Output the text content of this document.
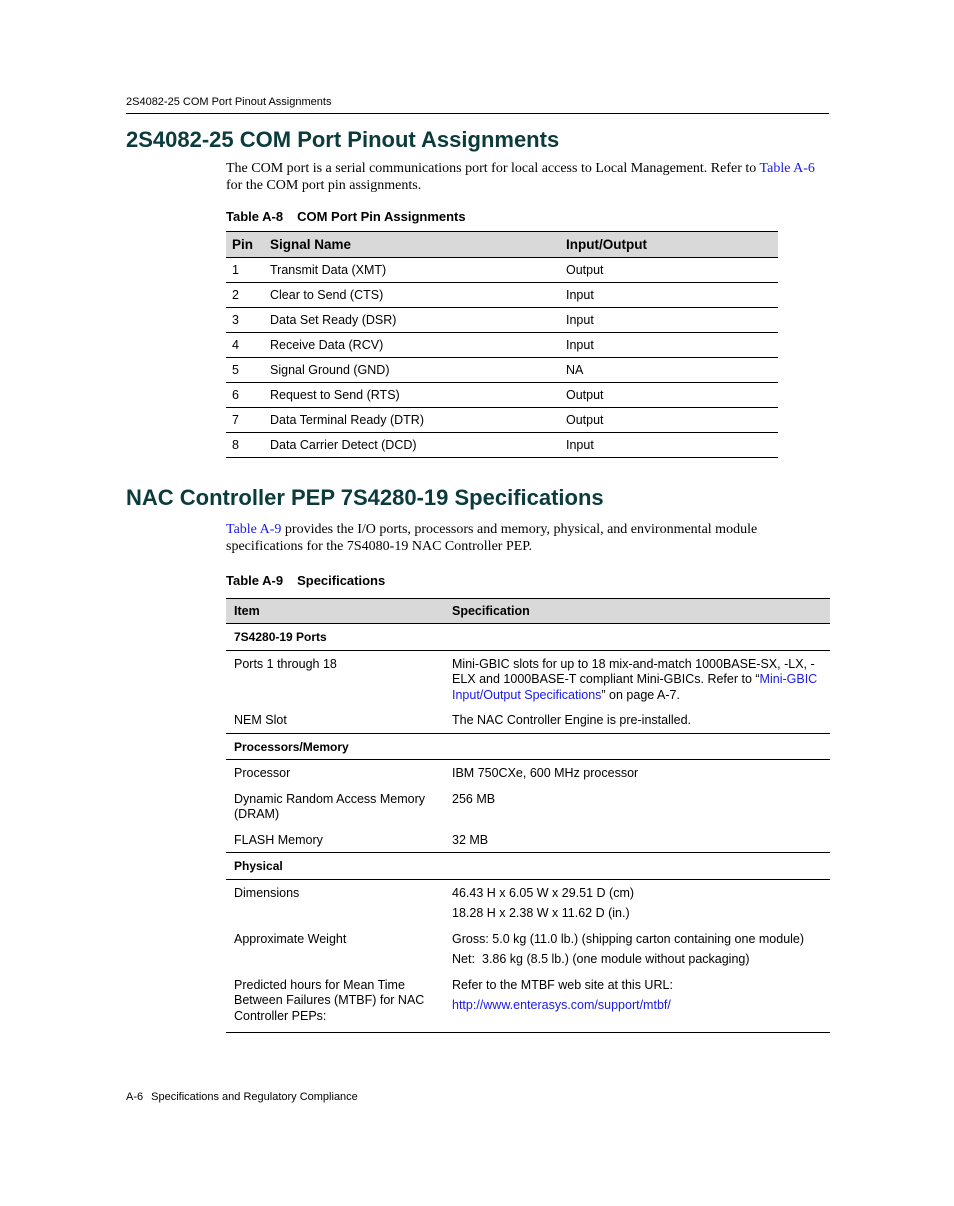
2S4082-25 COM Port Pinout Assignments
2S4082-25 COM Port Pinout Assignments
The COM port is a serial communications port for local access to Local Management. Refer to Table A-6 for the COM port pin assignments.
Table A-8 COM Port Pin Assignments
Pin	Signal Name	Input/Output
1	Transmit Data (XMT)	Output
2	Clear to Send (CTS)	Input
3	Data Set Ready (DSR)	Input
4	Receive Data (RCV)	Input
5	Signal Ground (GND)	NA
6	Request to Send (RTS)	Output
7	Data Terminal Ready (DTR)	Output
8	Data Carrier Detect (DCD)	Input
NAC Controller PEP 7S4280-19 Specifications
Table A-9 provides the I/O ports, processors and memory, physical, and environmental module specifications for the 7S4080-19 NAC Controller PEP.
Table A-9 Specifications
Item	Specification
7S4280-19 Ports	
Ports 1 through 18	Mini-GBIC slots for up to 18 mix-and-match 1000BASE-SX, -LX, -ELX and 1000BASE-T compliant Mini-GBICs. Refer to “Mini-GBIC Input/Output Specifications” on page A-7.
NEM Slot	The NAC Controller Engine is pre-installed.
Processors/Memory	
Processor	IBM 750CXe, 600 MHz processor
Dynamic Random Access Memory (DRAM)	256 MB
FLASH Memory	32 MB
Physical	
Dimensions	46.43 H x 6.05 W x 29.51 D (cm)
18.28 H x 2.38 W x 11.62 D (in.)

Approximate Weight	Gross: 5.0 kg (11.0 lb.) (shipping carton containing one module)
Net: 3.86 kg (8.5 lb.) (one module without packaging)

Predicted hours for Mean Time Between Failures (MTBF) for NAC Controller PEPs:	Refer to the MTBF web site at this URL:
http://www.enterasys.com/support/mtbf/
A-6 Specifications and Regulatory Compliance
